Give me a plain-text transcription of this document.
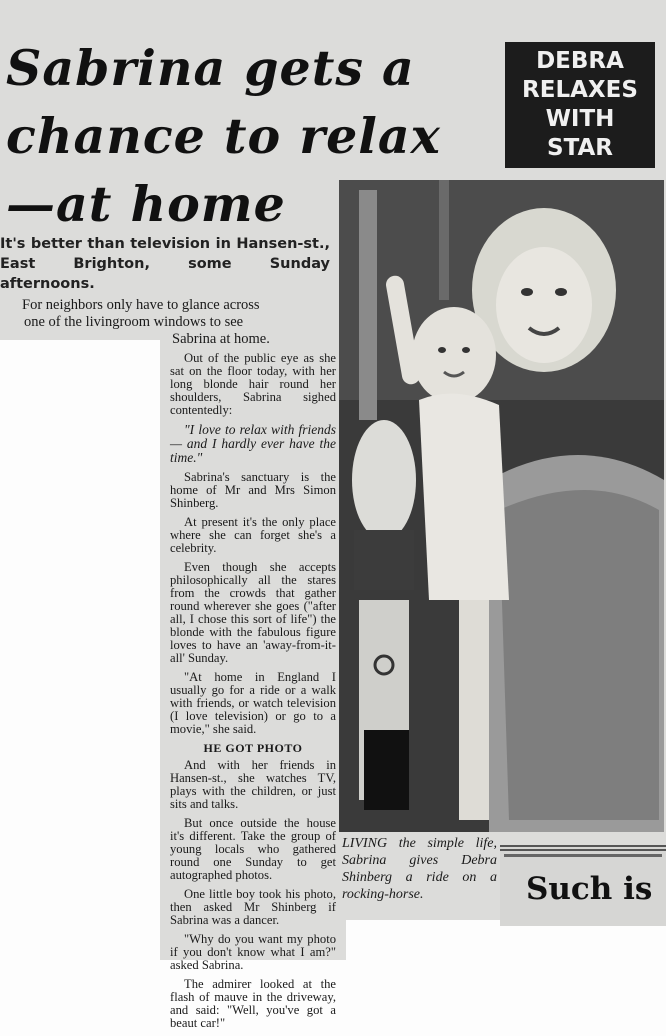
Sabrina gets a
chance to relax
—at home
DEBRA
RELAXES
WITH
STAR

It's better than television in Hansen-st., East Brighton, some Sunday afternoons.

For neighbors only have to glance across
one of the livingroom windows to see
Sabrina at home.

Out of the public eye as she sat on the floor today, with her long blonde hair round her shoulders, Sabrina sighed contentedly:

"I love to relax with friends — and I hardly ever have the time."

Sabrina's sanctuary is the home of Mr and Mrs Simon Shinberg.

At present it's the only place where she can forget she's a celebrity.

Even though she accepts philosophically all the stares from the crowds that gather round wherever she goes ("after all, I chose this sort of life") the blonde with the fabulous figure loves to have an 'away-from-it-all' Sunday.

"At home in England I usually go for a ride or a walk with friends, or watch television (I love television) or go to a movie," she said.

HE GOT PHOTO

And with her friends in Hansen-st., she watches TV, plays with the children, or just sits and talks.

But once outside the house it's different. Take the group of young locals who gathered round one Sunday to get autographed photos.

One little boy took his photo, then asked Mr Shinberg if Sabrina was a dancer.

"Why do you want my photo if you don't know what I am?" asked Sabrina.

The admirer looked at the flash of mauve in the driveway, and said: "Well, you've got a beaut car!"

LIVING the simple life, Sabrina gives Debra Shinberg a ride on a rocking-horse.	Such is
